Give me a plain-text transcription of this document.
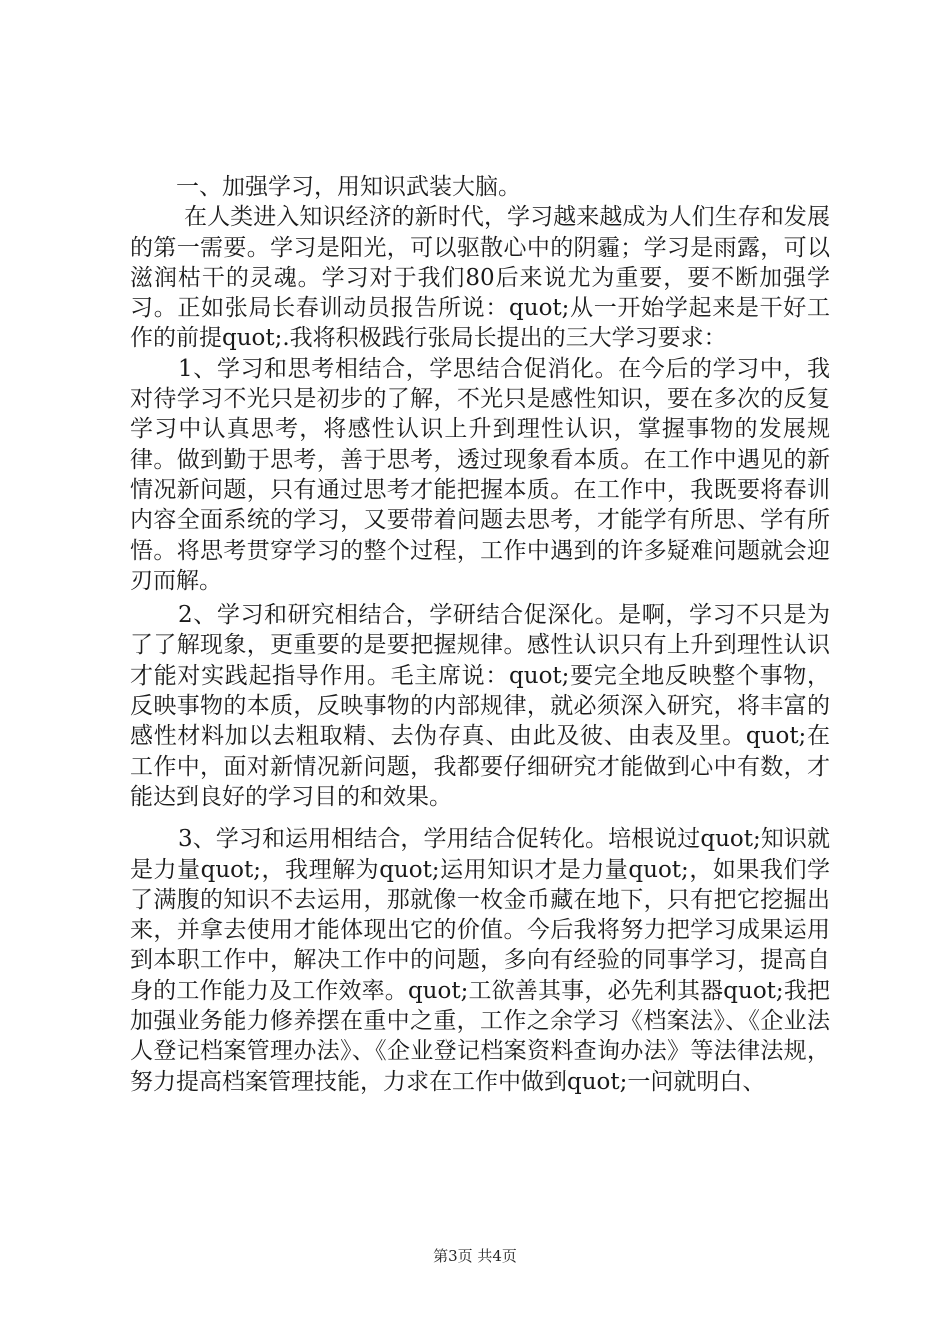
一、加强学习，用知识武装大脑。

在人类进入知识经济的新时代，学习越来越成为人们生存和发展的第一需要。学习是阳光，可以驱散心中的阴霾；学习是雨露，可以滋润枯干的灵魂。学习对于我们80后来说尤为重要，要不断加强学习。正如张局长春训动员报告所说：quot;从一开始学起来是干好工作的前提quot;.我将积极践行张局长提出的三大学习要求：

1、学习和思考相结合，学思结合促消化。在今后的学习中，我对待学习不光只是初步的了解，不光只是感性知识，要在多次的反复学习中认真思考，将感性认识上升到理性认识，掌握事物的发展规律。做到勤于思考，善于思考，透过现象看本质。在工作中遇见的新情况新问题，只有通过思考才能把握本质。在工作中，我既要将春训内容全面系统的学习，又要带着问题去思考，才能学有所思、学有所悟。将思考贯穿学习的整个过程，工作中遇到的许多疑难问题就会迎刃而解。

2、学习和研究相结合，学研结合促深化。是啊，学习不只是为了了解现象，更重要的是要把握规律。感性认识只有上升到理性认识才能对实践起指导作用。毛主席说：quot;要完全地反映整个事物，反映事物的本质，反映事物的内部规律，就必须深入研究，将丰富的感性材料加以去粗取精、去伪存真、由此及彼、由表及里。quot;在工作中，面对新情况新问题，我都要仔细研究才能做到心中有数，才能达到良好的学习目的和效果。

3、学习和运用相结合，学用结合促转化。培根说过quot;知识就是力量quot;，我理解为quot;运用知识才是力量quot;，如果我们学了满腹的知识不去运用，那就像一枚金币藏在地下，只有把它挖掘出来，并拿去使用才能体现出它的价值。今后我将努力把学习成果运用到本职工作中，解决工作中的问题，多向有经验的同事学习，提高自身的工作能力及工作效率。quot;工欲善其事，必先利其器quot;我把加强业务能力修养摆在重中之重，工作之余学习《档案法》、《企业法人登记档案管理办法》、《企业登记档案资料查询办法》等法律法规，努力提高档案管理技能，力求在工作中做到quot;一问就明白、

第3页 共4页
